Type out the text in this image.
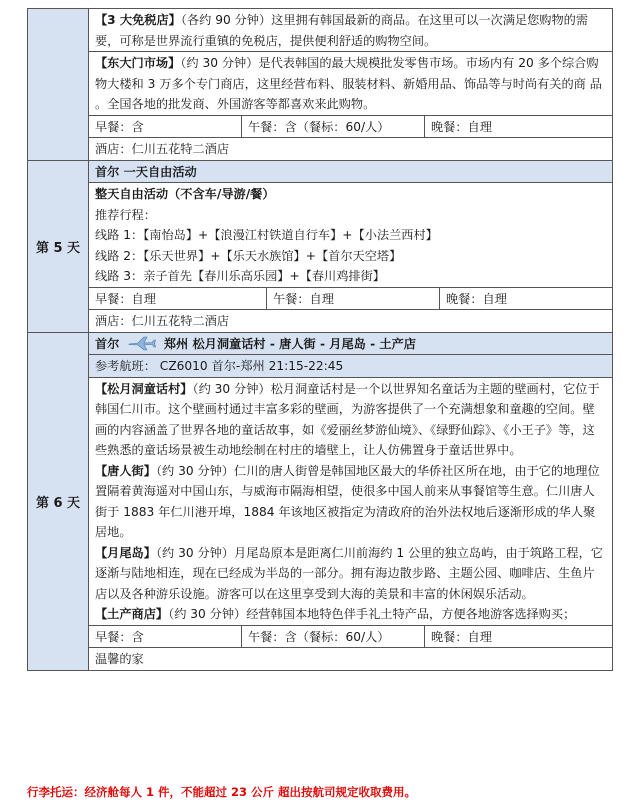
【3 大免税店】（各约 90 分钟）这里拥有韩国最新的商品。在这里可以一次满足您购物的需要，可称是世界流行重镇的免税店，提供便利舒适的购物空间。
【东大门市场】（约 30 分钟）是代表韩国的最大规模批发零售市场。市场内有 20 多个综合购物大楼和 3 万多个专门商店，这里经营布料、服装材料、新婚用品、饰品等与时尚有关的商 品 。全国各地的批发商、外国游客等都喜欢来此购物。
早餐：含	午餐：含（餐标：60/人）	晚餐：自理
酒店：仁川五花特二酒店
第 5 天
首尔 一天自由活动
整天自由活动（不含车/导游/餐）
推荐行程：
线路 1：【南怡岛】+【浪漫江村铁道自行车】+【小法兰西村】
线路 2：【乐天世界】+【乐天水族馆】+【首尔天空塔】
线路 3：亲子首先【春川乐高乐园】+【春川鸡排街】
早餐：自理	午餐：自理	晚餐：自理
酒店：仁川五花特二酒店
第 6 天
首尔	郑州 松月洞童话村 - 唐人街 - 月尾岛 - 土产店
参考航班： CZ6010 首尔-郑州 21:15-22:45
【松月洞童话村】（约 30 分钟）松月洞童话村是一个以世界知名童话为主题的壁画村，它位于韩国仁川市。这个壁画村通过丰富多彩的壁画，为游客提供了一个充满想象和童趣的空间。壁画的内容涵盖了世界各地的童话故事，如《爱丽丝梦游仙境》、《绿野仙踪》、《小王子》等，这些熟悉的童话场景被生动地绘制在村庄的墙壁上，让人仿佛置身于童话世界中。
【唐人街】（约 30 分钟）仁川的唐人街曾是韩国地区最大的华侨社区所在地，由于它的地理位置隔着黄海遥对中国山东，与威海市隔海相望，使很多中国人前来从事餐馆等生意。仁川唐人街于 1883 年仁川港开埠，1884 年该地区被指定为清政府的治外法权地后逐渐形成的华人聚居地。
【月尾岛】（约 30 分钟）月尾岛原本是距离仁川前海约 1 公里的独立岛屿，由于筑路工程，它逐渐与陆地相连，现在已经成为半岛的一部分。拥有海边散步路、主题公园、咖啡店、生鱼片店以及各种游乐设施。游客可以在这里享受到大海的美景和丰富的休闲娱乐活动。
【土产商店】（约 30 分钟）经营韩国本地特色伴手礼土特产品，方便各地游客选择购买；
早餐：含	午餐：含（餐标：60/人）	晚餐：自理
温馨的家
行李托运：经济舱每人 1 件，不能超过 23 公斤 超出按航司规定收取费用。
